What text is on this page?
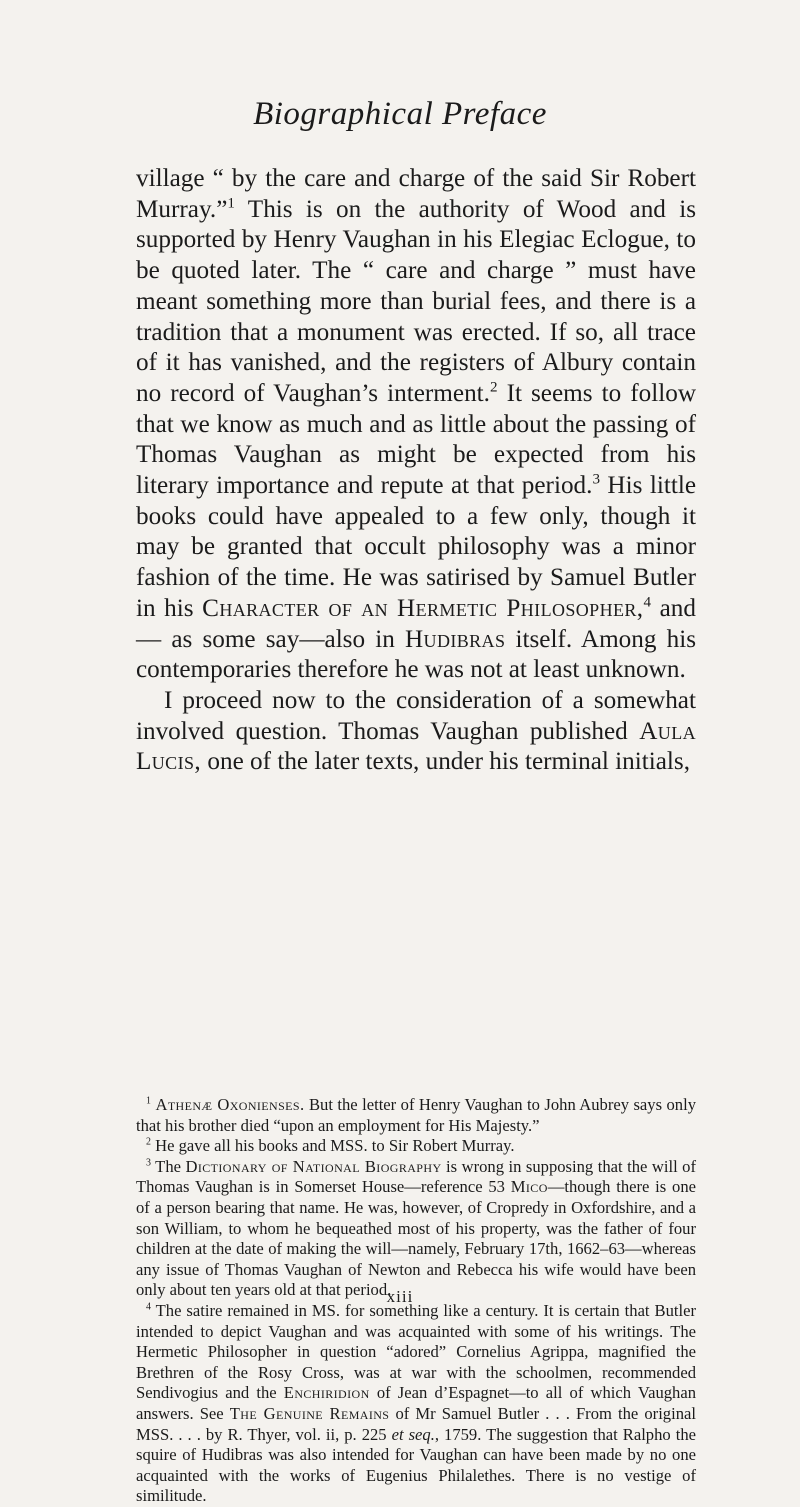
Biographical Preface

village “ by the care and charge of the said Sir Robert Murray.”$^1$ This is on the authority of Wood and is supported by Henry Vaughan in his Elegiac Eclogue, to be quoted later. The “ care and charge ” must have meant something more than burial fees, and there is a tradition that a monument was erected. If so, all trace of it has vanished, and the registers of Albury contain no record of Vaughan’s interment.$^2$ It seems to follow that we know as much and as little about the passing of Thomas Vaughan as might be expected from his literary importance and repute at that period.$^3$ His little books could have appealed to a few only, though it may be granted that occult philosophy was a minor fashion of the time. He was satirised by Samuel Butler in his Character of an Hermetic Philosopher,$^4$ and — as some say—also in Hudibras itself. Among his contemporaries therefore he was not at least unknown.

I proceed now to the consideration of a somewhat involved question. Thomas Vaughan published Aula Lucis, one of the later texts, under his terminal initials,

$^1$ Athenæ Oxonienses. But the letter of Henry Vaughan to John Aubrey says only that his brother died “upon an employment for His Majesty.”

$^2$ He gave all his books and MSS. to Sir Robert Murray.

$^3$ The Dictionary of National Biography is wrong in supposing that the will of Thomas Vaughan is in Somerset House—reference 53 Mico—though there is one of a person bearing that name. He was, however, of Cropredy in Oxfordshire, and a son William, to whom he bequeathed most of his property, was the father of four children at the date of making the will—namely, February 17th, 1662–63—whereas any issue of Thomas Vaughan of Newton and Rebecca his wife would have been only about ten years old at that period.

$^4$ The satire remained in MS. for something like a century. It is certain that Butler intended to depict Vaughan and was acquainted with some of his writings. The Hermetic Philosopher in question “adored” Cornelius Agrippa, magnified the Brethren of the Rosy Cross, was at war with the schoolmen, recommended Sendivogius and the Enchiridion of Jean d’Espagnet—to all of which Vaughan answers. See The Genuine Remains of Mr Samuel Butler . . . From the original MSS. . . . by R. Thyer, vol. ii, p. 225 et seq., 1759. The suggestion that Ralpho the squire of Hudibras was also intended for Vaughan can have been made by no one acquainted with the works of Eugenius Philalethes. There is no vestige of similitude.

xiii
